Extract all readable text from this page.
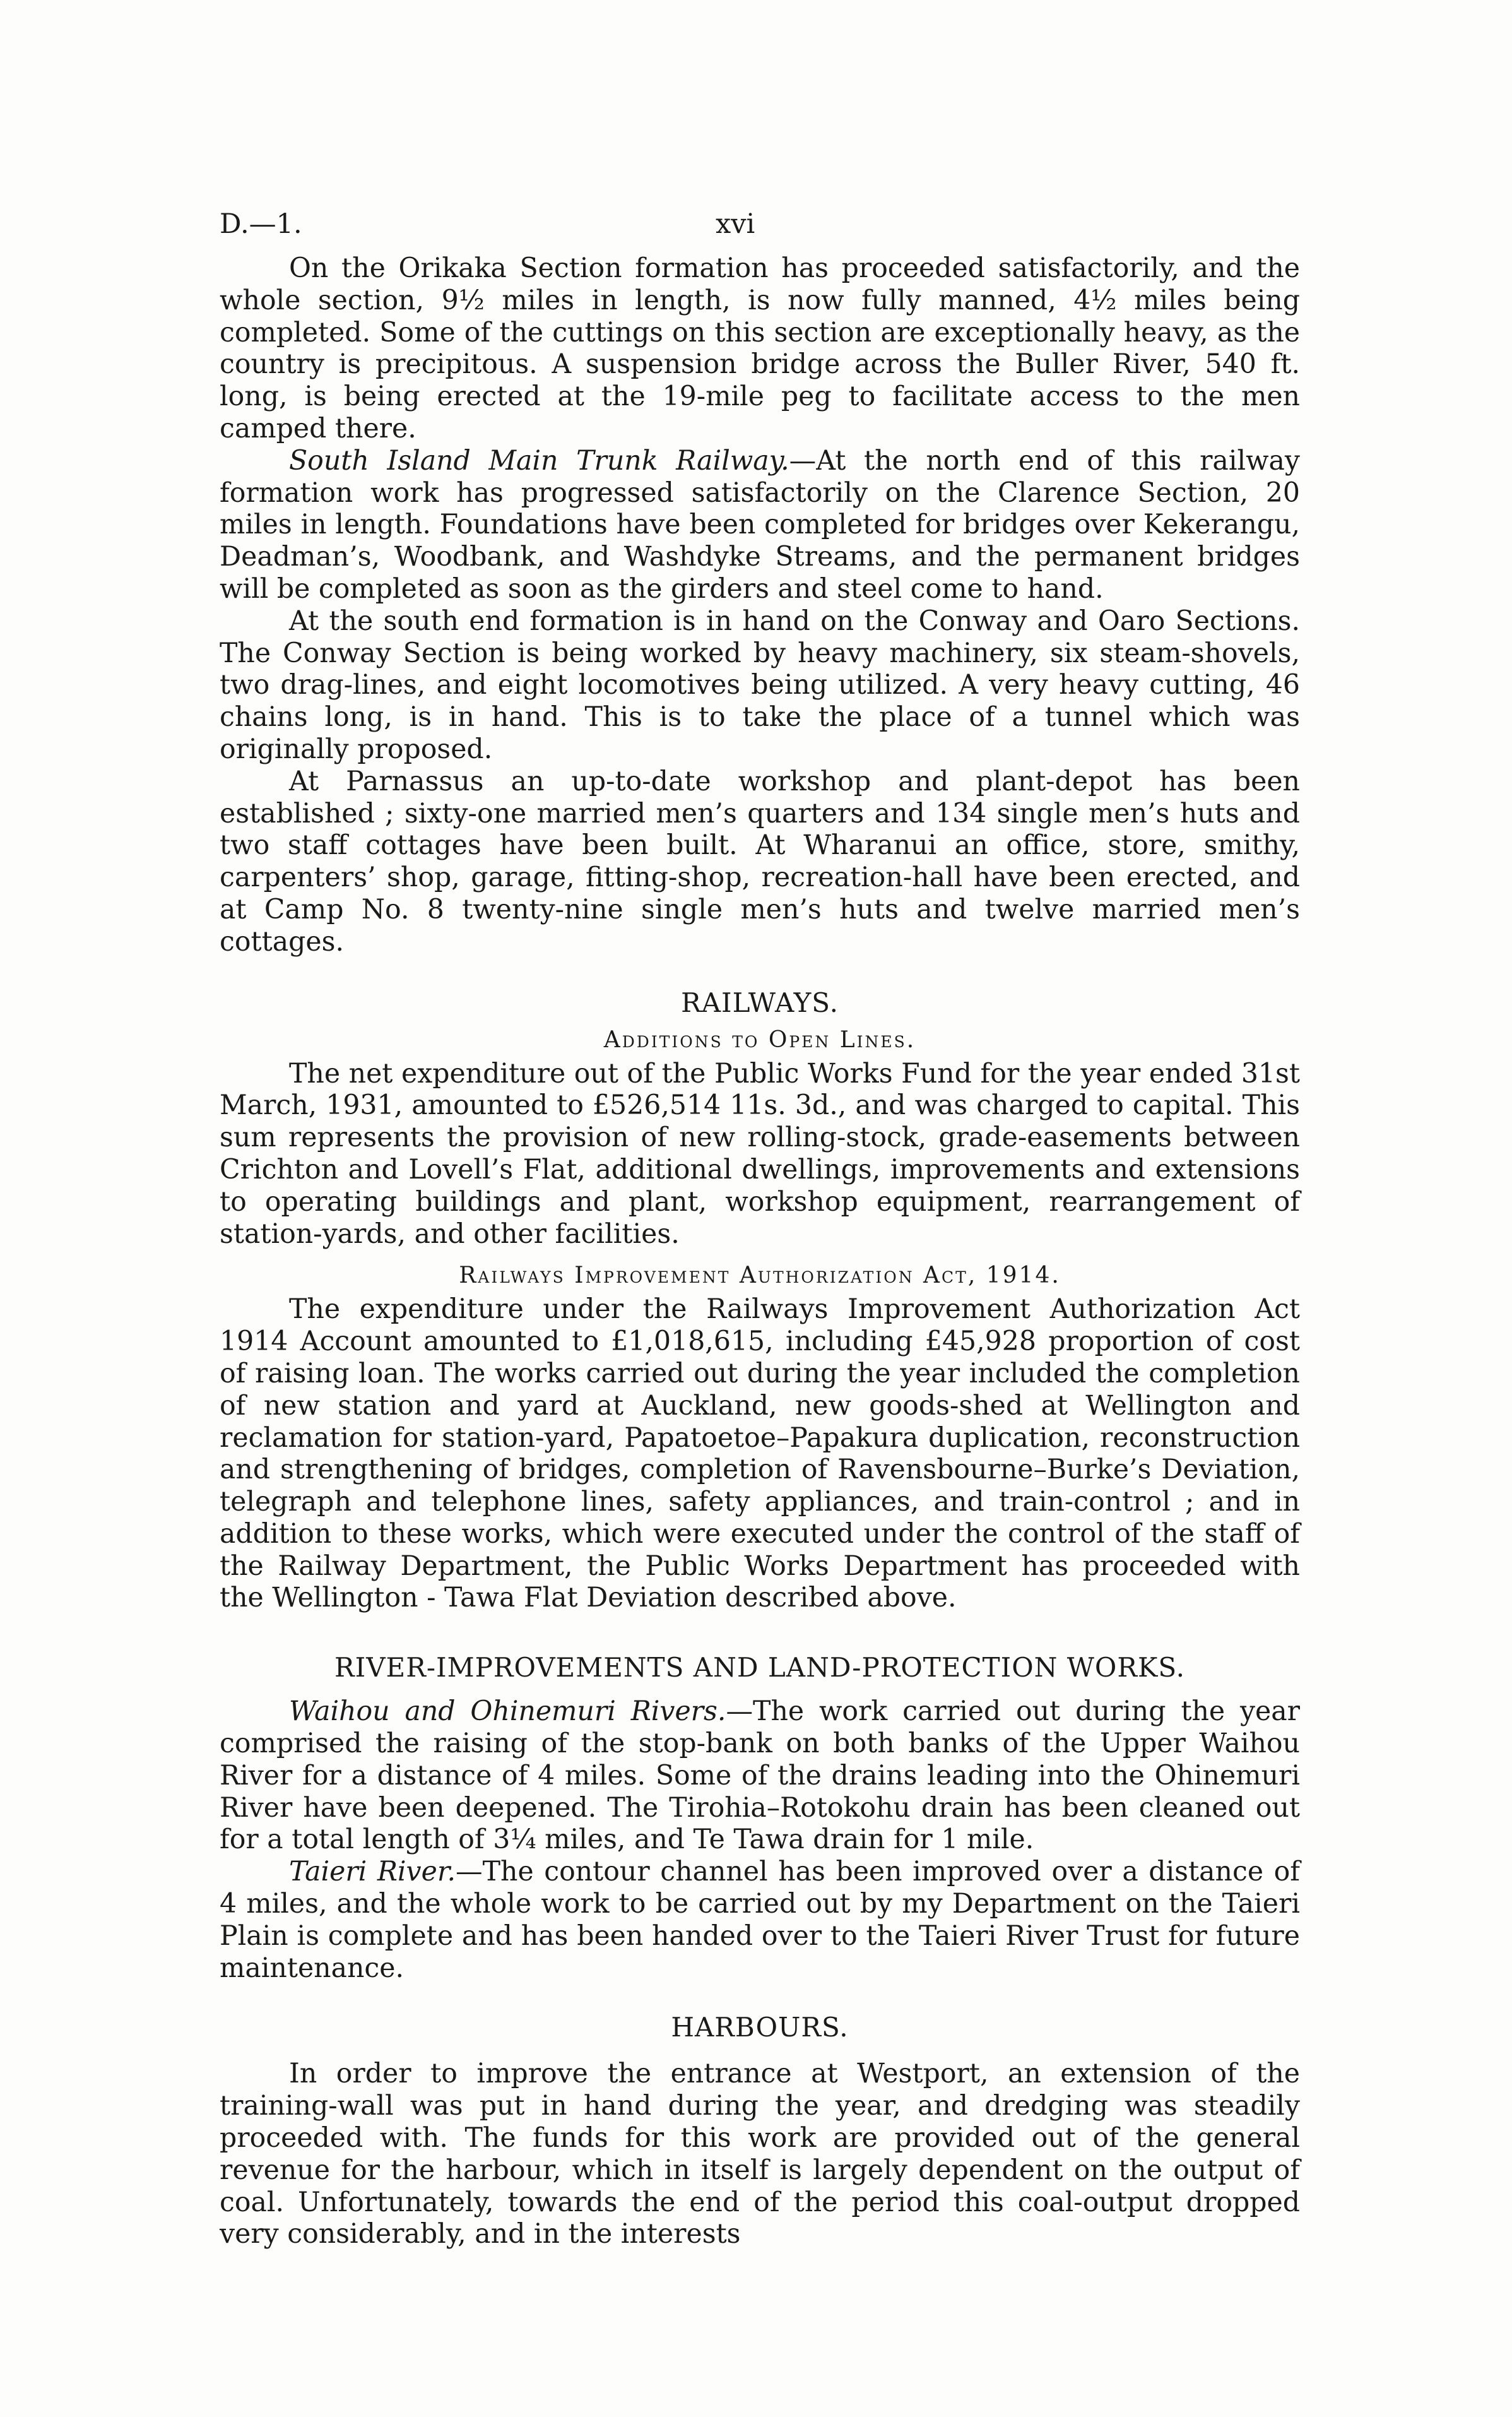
D.—1.	xvi

On the Orikaka Section formation has proceeded satisfactorily, and the whole section, 9½ miles in length, is now fully manned, 4½ miles being completed. Some of the cuttings on this section are exceptionally heavy, as the country is precipitous. A suspension bridge across the Buller River, 540 ft. long, is being erected at the 19-mile peg to facilitate access to the men camped there.

South Island Main Trunk Railway.—At the north end of this railway formation work has progressed satisfactorily on the Clarence Section, 20 miles in length. Foundations have been completed for bridges over Kekerangu, Deadman’s, Woodbank, and Washdyke Streams, and the permanent bridges will be completed as soon as the girders and steel come to hand.

At the south end formation is in hand on the Conway and Oaro Sections. The Conway Section is being worked by heavy machinery, six steam-shovels, two drag-lines, and eight locomotives being utilized. A very heavy cutting, 46 chains long, is in hand. This is to take the place of a tunnel which was originally proposed.

At Parnassus an up-to-date workshop and plant-depot has been established ; sixty-one married men’s quarters and 134 single men’s huts and two staff cottages have been built. At Wharanui an office, store, smithy, carpenters’ shop, garage, fitting-shop, recreation-hall have been erected, and at Camp No. 8 twenty-nine single men’s huts and twelve married men’s cottages.

RAILWAYS.
Additions to Open Lines.

The net expenditure out of the Public Works Fund for the year ended 31st March, 1931, amounted to £526,514 11s. 3d., and was charged to capital. This sum represents the provision of new rolling-stock, grade-easements between Crichton and Lovell’s Flat, additional dwellings, improvements and extensions to operating buildings and plant, workshop equipment, rearrangement of station-yards, and other facilities.

Railways Improvement Authorization Act, 1914.

The expenditure under the Railways Improvement Authorization Act 1914 Account amounted to £1,018,615, including £45,928 proportion of cost of raising loan. The works carried out during the year included the completion of new station and yard at Auckland, new goods-shed at Wellington and reclamation for station-yard, Papatoetoe–Papakura duplication, reconstruction and strengthening of bridges, completion of Ravensbourne–Burke’s Deviation, telegraph and telephone lines, safety appliances, and train-control ; and in addition to these works, which were executed under the control of the staff of the Railway Department, the Public Works Department has proceeded with the Wellington - Tawa Flat Deviation described above.

RIVER-IMPROVEMENTS AND LAND-PROTECTION WORKS.

Waihou and Ohinemuri Rivers.—The work carried out during the year comprised the raising of the stop-bank on both banks of the Upper Waihou River for a distance of 4 miles. Some of the drains leading into the Ohinemuri River have been deepened. The Tirohia–Rotokohu drain has been cleaned out for a total length of 3¼ miles, and Te Tawa drain for 1 mile.

Taieri River.—The contour channel has been improved over a distance of 4 miles, and the whole work to be carried out by my Department on the Taieri Plain is complete and has been handed over to the Taieri River Trust for future maintenance.

HARBOURS.

In order to improve the entrance at Westport, an extension of the training-wall was put in hand during the year, and dredging was steadily proceeded with. The funds for this work are provided out of the general revenue for the harbour, which in itself is largely dependent on the output of coal. Unfortunately, towards the end of the period this coal-output dropped very considerably, and in the interests
